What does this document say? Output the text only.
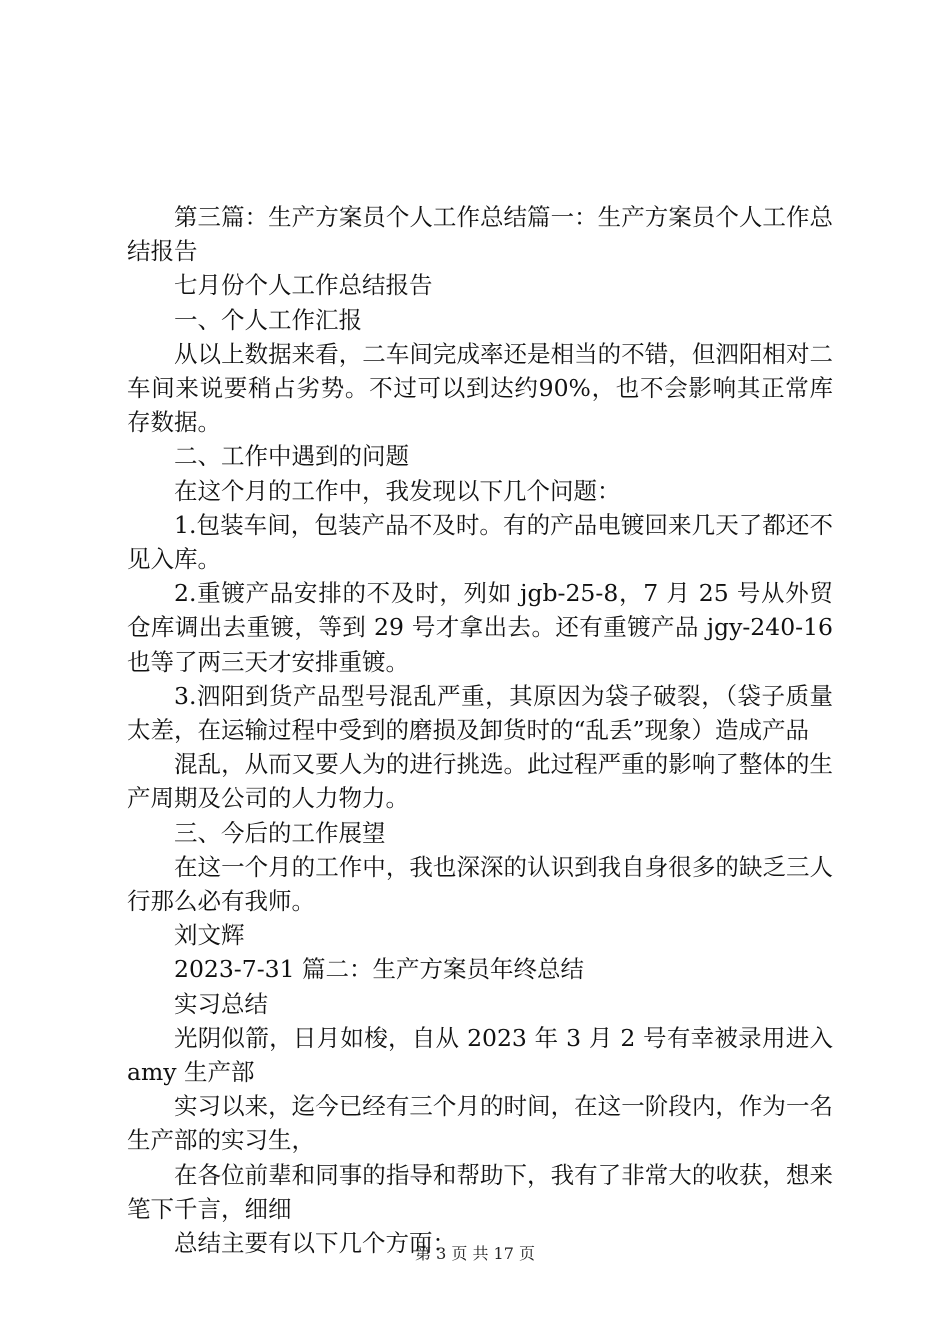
第三篇：生产方案员个人工作总结篇一：生产方案员个人工作总结报告

七月份个人工作总结报告

一、个人工作汇报

从以上数据来看，二车间完成率还是相当的不错，但泗阳相对二车间来说要稍占劣势。不过可以到达约90%，也不会影响其正常库存数据。

二、工作中遇到的问题

在这个月的工作中，我发现以下几个问题：

1.包装车间，包装产品不及时。有的产品电镀回来几天了都还不见入库。

2.重镀产品安排的不及时，列如 jgb-25-8，7 月 25 号从外贸仓库调出去重镀，等到 29 号才拿出去。还有重镀产品 jgy-240-16 也等了两三天才安排重镀。

3.泗阳到货产品型号混乱严重，其原因为袋子破裂，（袋子质量太差，在运输过程中受到的磨损及卸货时的“乱丢”现象）造成产品

混乱，从而又要人为的进行挑选。此过程严重的影响了整体的生产周期及公司的人力物力。

三、今后的工作展望

在这一个月的工作中，我也深深的认识到我自身很多的缺乏三人行那么必有我师。

刘文辉

2023-7-31 篇二：生产方案员年终总结

实习总结

光阴似箭，日月如梭，自从 2023 年 3 月 2 号有幸被录用进入 amy 生产部

实习以来，迄今已经有三个月的时间，在这一阶段内，作为一名生产部的实习生，

在各位前辈和同事的指导和帮助下，我有了非常大的收获，想来笔下千言，细细

总结主要有以下几个方面：

第 3 页 共 17 页
